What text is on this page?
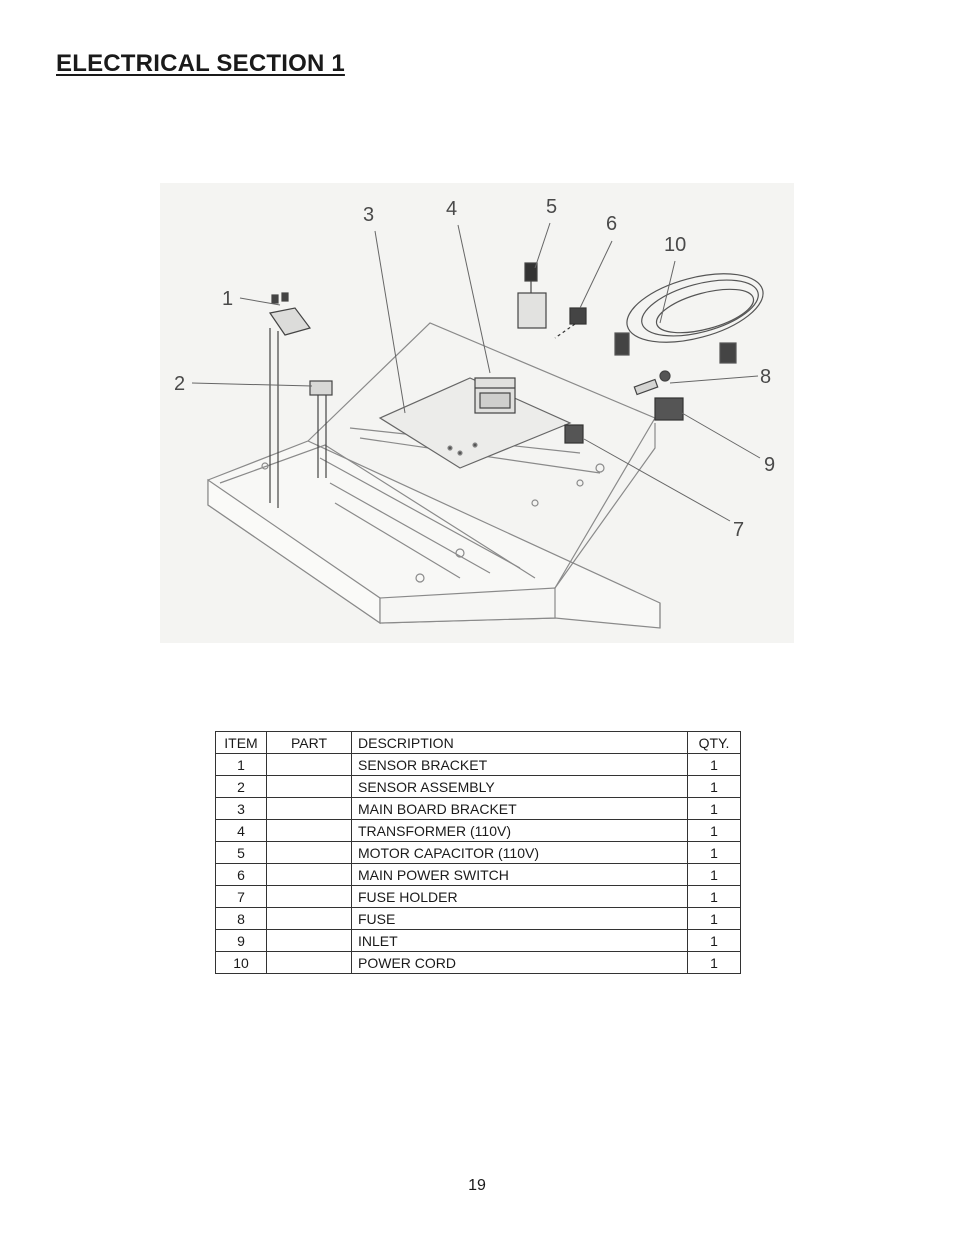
ELECTRICAL SECTION 1
1
2
3	4	5
6
7
8
9
10
ITEM	PART	DESCRIPTION	QTY.
1		SENSOR BRACKET	1
2		SENSOR ASSEMBLY	1
3		MAIN BOARD BRACKET	1
4		TRANSFORMER (110V)	1
5		MOTOR CAPACITOR (110V)	1
6		MAIN POWER SWITCH	1
7		FUSE HOLDER	1
8		FUSE	1
9		INLET	1
10		POWER CORD	1
19
